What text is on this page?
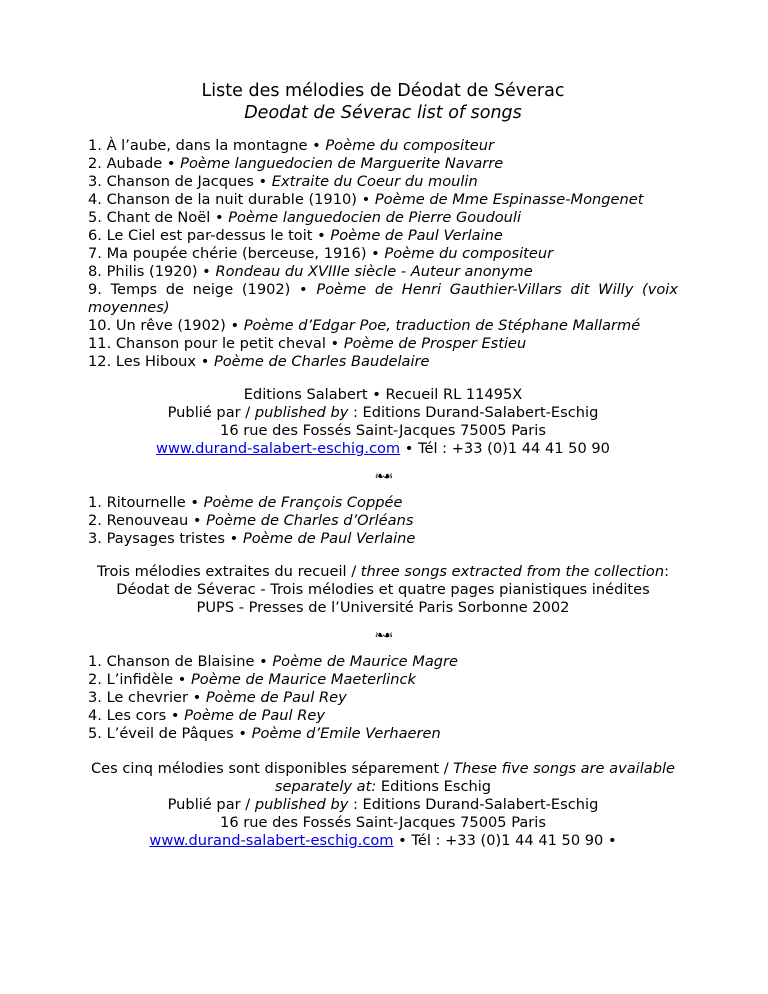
Liste des mélodies de Déodat de Séverac

Deodat de Séverac list of songs

1. À l’aube, dans la montagne • Poème du compositeur
2. Aubade • Poème languedocien de Marguerite Navarre
3. Chanson de Jacques • Extraite du Coeur du moulin
4. Chanson de la nuit durable (1910) • Poème de Mme Espinasse-Mongenet
5. Chant de Noël • Poème languedocien de Pierre Goudouli
6. Le Ciel est par-dessus le toit • Poème de Paul Verlaine
7. Ma poupée chérie (berceuse, 1916) • Poème du compositeur
8. Philis (1920) • Rondeau du XVIIIe siècle - Auteur anonyme
9. Temps de neige (1902) • Poème de Henri Gauthier-Villars dit Willy (voix moyennes)
10. Un rêve (1902) • Poème d’Edgar Poe, traduction de Stéphane Mallarmé
11. Chanson pour le petit cheval • Poème de Prosper Estieu
12. Les Hiboux • Poème de Charles Baudelaire

Editions Salabert • Recueil RL 11495X

Publié par / published by : Editions Durand-Salabert-Eschig

16 rue des Fossés Saint-Jacques 75005 Paris

www.durand-salabert-eschig.com • Tél : +33 (0)1 44 41 50 90

❧☙

1. Ritournelle • Poème de François Coppée
2. Renouveau • Poème de Charles d’Orléans
3. Paysages tristes • Poème de Paul Verlaine

Trois mélodies extraites du recueil / three songs extracted from the collection:

Déodat de Séverac - Trois mélodies et quatre pages pianistiques inédites

PUPS - Presses de l’Université Paris Sorbonne 2002

❧☙

1. Chanson de Blaisine • Poème de Maurice Magre
2. L’infidèle • Poème de Maurice Maeterlinck
3. Le chevrier • Poème de Paul Rey
4. Les cors • Poème de Paul Rey
5. L’éveil de Pâques • Poème d’Emile Verhaeren

Ces cinq mélodies sont disponibles séparement / These five songs are available separately at: Editions Eschig

Publié par / published by : Editions Durand-Salabert-Eschig

16 rue des Fossés Saint-Jacques 75005 Paris

www.durand-salabert-eschig.com • Tél : +33 (0)1 44 41 50 90 •
